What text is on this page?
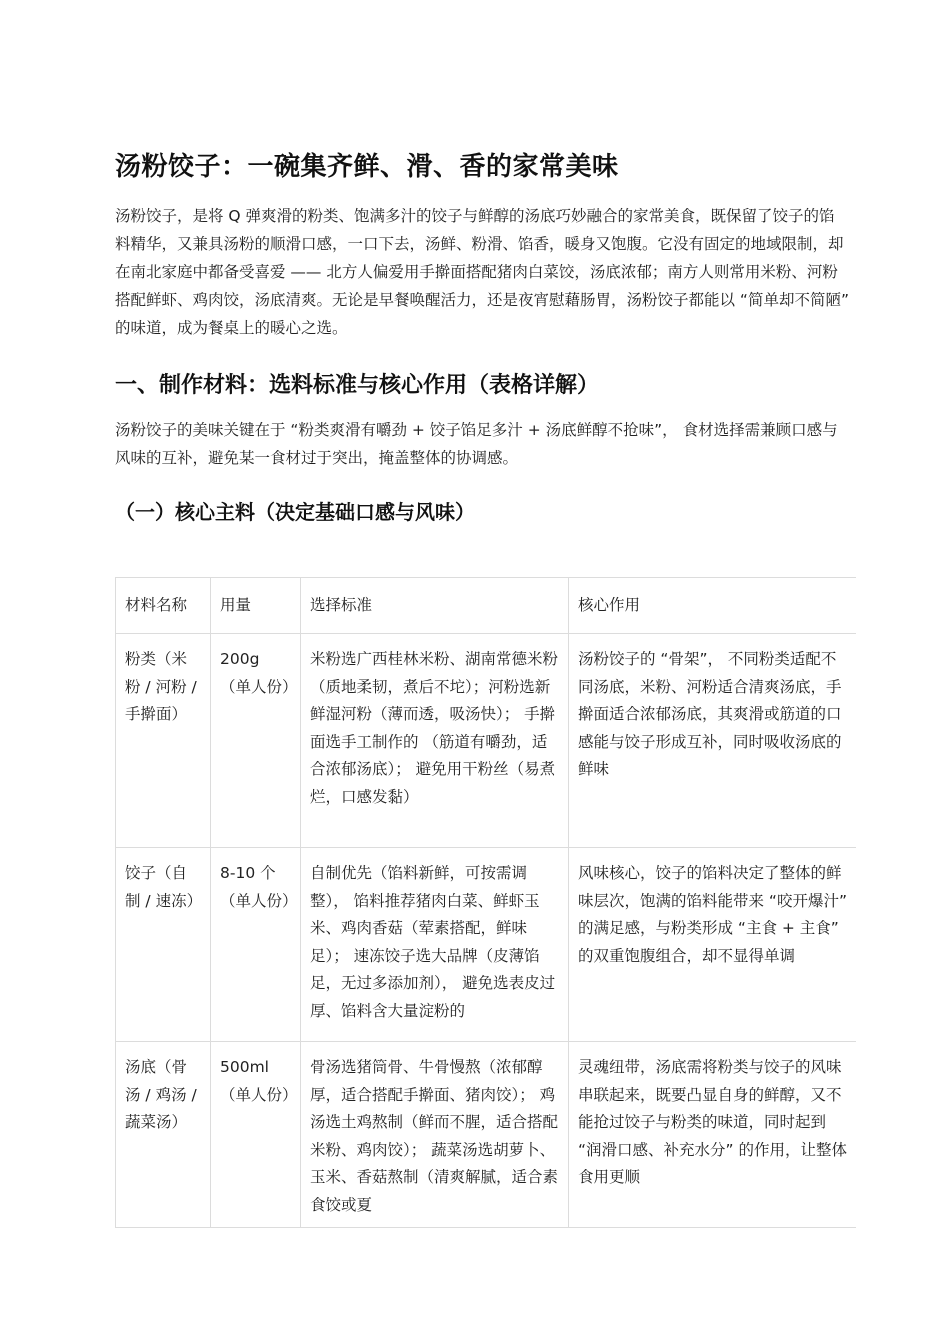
汤粉饺子：一碗集齐鲜、滑、香的家常美味

汤粉饺子，是将 Q 弹爽滑的粉类、饱满多汁的饺子与鲜醇的汤底巧妙融合的家常美食，既保留了饺子的馅料精华，又兼具汤粉的顺滑口感，一口下去，汤鲜、粉滑、馅香，暖身又饱腹。它没有固定的地域限制，却在南北家庭中都备受喜爱 —— 北方人偏爱用手擀面搭配猪肉白菜饺，汤底浓郁；南方人则常用米粉、河粉搭配鲜虾、鸡肉饺，汤底清爽。无论是早餐唤醒活力，还是夜宵慰藉肠胃，汤粉饺子都能以 “简单却不简陋” 的味道，成为餐桌上的暖心之选。

一、制作材料：选料标准与核心作用（表格详解）

汤粉饺子的美味关键在于 “粉类爽滑有嚼劲 + 饺子馅足多汁 + 汤底鲜醇不抢味”， 食材选择需兼顾口感与风味的互补，避免某一食材过于突出，掩盖整体的协调感。

（一）核心主料（决定基础口感与风味）
材料名称	用量	选择标准	核心作用
粉类（米粉 / 河粉 / 手擀面）	200g （单人份）	米粉选广西桂林米粉、湖南常德米粉（质地柔韧，煮后不坨）；河粉选新鲜湿河粉（薄而透，吸汤快）； 手擀面选手工制作的 （筋道有嚼劲，适合浓郁汤底）； 避免用干粉丝（易煮烂，口感发黏）	汤粉饺子的 “骨架”， 不同粉类适配不同汤底，米粉、河粉适合清爽汤底，手擀面适合浓郁汤底，其爽滑或筋道的口感能与饺子形成互补，同时吸收汤底的鲜味
饺子（自制 / 速冻）	8-10 个 （单人份）	自制优先（馅料新鲜，可按需调整）， 馅料推荐猪肉白菜、鲜虾玉米、鸡肉香菇（荤素搭配，鲜味足）； 速冻饺子选大品牌（皮薄馅足，无过多添加剂）， 避免选表皮过厚、馅料含大量淀粉的	风味核心，饺子的馅料决定了整体的鲜味层次，饱满的馅料能带来 “咬开爆汁” 的满足感，与粉类形成 “主食 + 主食” 的双重饱腹组合，却不显得单调
汤底（骨汤 / 鸡汤 / 蔬菜汤）	500ml （单人份）	骨汤选猪筒骨、牛骨慢熬（浓郁醇厚，适合搭配手擀面、猪肉饺）； 鸡汤选土鸡熬制（鲜而不腥，适合搭配米粉、鸡肉饺）； 蔬菜汤选胡萝卜、玉米、香菇熬制（清爽解腻，适合素食饺或夏	灵魂纽带，汤底需将粉类与饺子的风味串联起来，既要凸显自身的鲜醇，又不能抢过饺子与粉类的味道，同时起到 “润滑口感、补充水分” 的作用，让整体食用更顺
